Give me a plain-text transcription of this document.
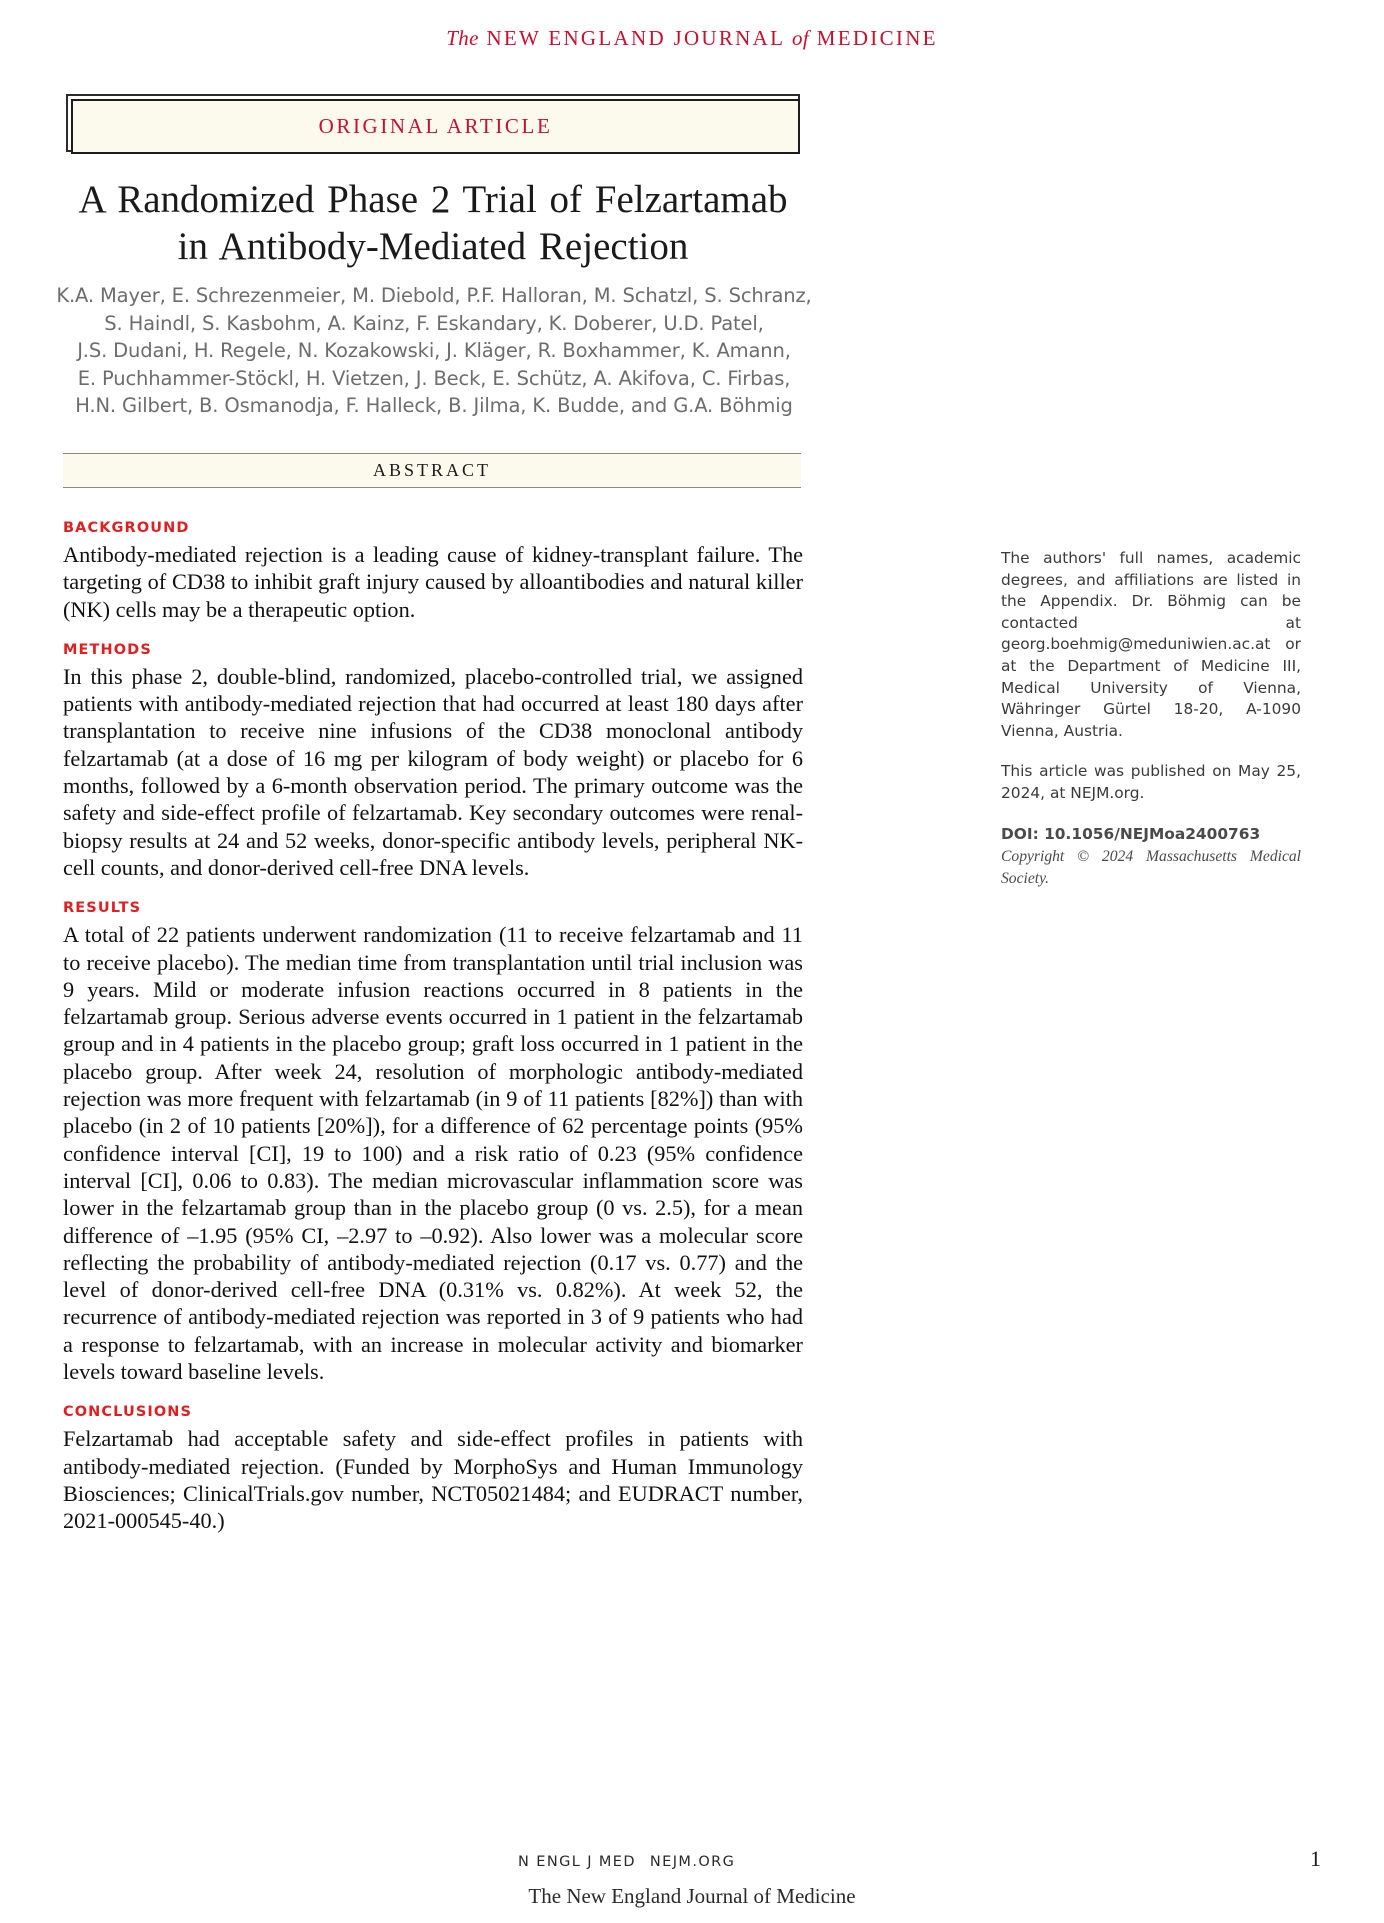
The NEW ENGLAND JOURNAL of MEDICINE
ORIGINAL ARTICLE
A Randomized Phase 2 Trial of Felzartamab
in Antibody-Mediated Rejection
K.A. Mayer, E. Schrezenmeier, M. Diebold, P.F. Halloran, M. Schatzl, S. Schranz,
S. Haindl, S. Kasbohm, A. Kainz, F. Eskandary, K. Doberer, U.D. Patel,
J.S. Dudani, H. Regele, N. Kozakowski, J. Kläger, R. Boxhammer, K. Amann,
E. Puchhammer-Stöckl, H. Vietzen, J. Beck, E. Schütz, A. Akifova, C. Firbas,
H.N. Gilbert, B. Osmanodja, F. Halleck, B. Jilma, K. Budde, and G.A. Böhmig
ABSTRACT
BACKGROUND
Antibody-mediated rejection is a leading cause of kidney-transplant failure. The targeting of CD38 to inhibit graft injury caused by alloantibodies and natural killer (NK) cells may be a therapeutic option.
METHODS
In this phase 2, double-blind, randomized, placebo-controlled trial, we assigned patients with antibody-mediated rejection that had occurred at least 180 days after transplantation to receive nine infusions of the CD38 monoclonal antibody felzartamab (at a dose of 16 mg per kilogram of body weight) or placebo for 6 months, followed by a 6-month observation period. The primary outcome was the safety and side-effect profile of felzartamab. Key secondary outcomes were renal-biopsy results at 24 and 52 weeks, donor-specific antibody levels, peripheral NK-cell counts, and donor-derived cell-free DNA levels.
RESULTS
A total of 22 patients underwent randomization (11 to receive felzartamab and 11 to receive placebo). The median time from transplantation until trial inclusion was 9 years. Mild or moderate infusion reactions occurred in 8 patients in the felzartamab group. Serious adverse events occurred in 1 patient in the felzartamab group and in 4 patients in the placebo group; graft loss occurred in 1 patient in the placebo group. After week 24, resolution of morphologic antibody-mediated rejection was more frequent with felzartamab (in 9 of 11 patients [82%]) than with placebo (in 2 of 10 patients [20%]), for a difference of 62 percentage points (95% confidence interval [CI], 19 to 100) and a risk ratio of 0.23 (95% confidence interval [CI], 0.06 to 0.83). The median microvascular inflammation score was lower in the felzartamab group than in the placebo group (0 vs. 2.5), for a mean difference of –1.95 (95% CI, –2.97 to –0.92). Also lower was a molecular score reflecting the probability of antibody-mediated rejection (0.17 vs. 0.77) and the level of donor-derived cell-free DNA (0.31% vs. 0.82%). At week 52, the recurrence of antibody-mediated rejection was reported in 3 of 9 patients who had a response to felzartamab, with an increase in molecular activity and biomarker levels toward baseline levels.
CONCLUSIONS
Felzartamab had acceptable safety and side-effect profiles in patients with antibody-mediated rejection. (Funded by MorphoSys and Human Immunology Biosciences; ClinicalTrials.gov number, NCT05021484; and EUDRACT number, 2021-000545-40.)

The authors' full names, academic degrees, and affiliations are listed in the Appendix. Dr. Böhmig can be contacted at georg.boehmig@meduniwien.ac.at or at the Department of Medicine III, Medical University of Vienna, Währinger Gürtel 18-20, A-1090 Vienna, Austria.

This article was published on May 25, 2024, at NEJM.org.

DOI: 10.1056/NEJMoa2400763

Copyright © 2024 Massachusetts Medical Society.

N ENGL J MED NEJM.ORG	1
The New England Journal of Medicine
